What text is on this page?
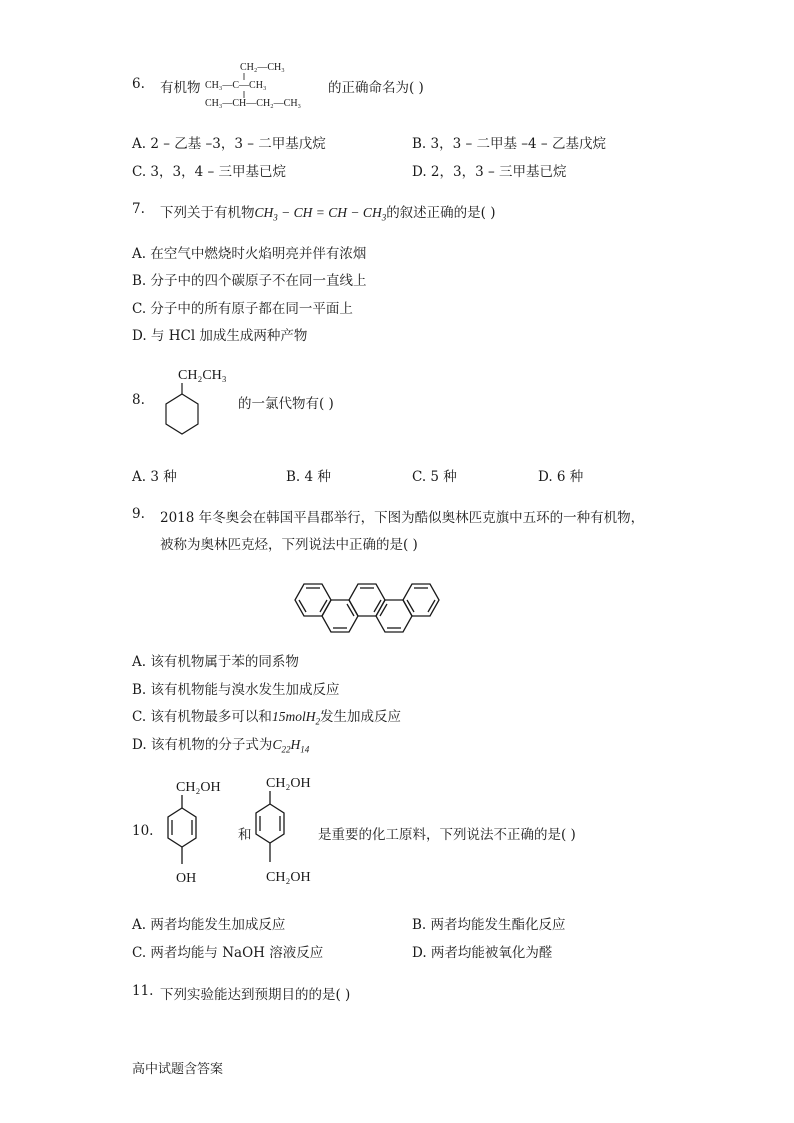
6. 有机物
CH₂—CH₃
CH₃—C—CH₃
CH₃—CH—CH₂—CH₃
的正确命名为( )
A. 2 – 乙基 –3，3 – 二甲基戊烷	B. 3，3 – 二甲基 –4 – 乙基戊烷
C. 3，3，4 – 三甲基已烷	D. 2，3，3 – 三甲基已烷
7. 下列关于有机物$CH_3$ − CH = CH − $CH_3$的叙述正确的是( )
A. 在空气中燃烧时火焰明亮并伴有浓烟
B. 分子中的四个碳原子不在同一直线上
C. 分子中的所有原子都在同一平面上
D. 与 HCl 加成生成两种产物
8.
CH₂CH₃
的一氯代物有( )
A. 3 种	B. 4 种	C. 5 种	D. 6 种
9. 2018 年冬奥会在韩国平昌郡举行，下图为酷似奥林匹克旗中五环的一种有机物，
被称为奥林匹克烃，下列说法中正确的是( )
A. 该有机物属于苯的同系物
B. 该有机物能与溴水发生加成反应
C. 该有机物最多可以和15molH$_2$发生加成反应
D. 该有机物的分子式为$C_{22}H_{14}$
10.
CH₂OH
OH
和
CH₂OH
CH₂OH
是重要的化工原料，下列说法不正确的是( )
A. 两者均能发生加成反应	B. 两者均能发生酯化反应
C. 两者均能与 NaOH 溶液反应	D. 两者均能被氧化为醛
11. 下列实验能达到预期目的的是( )
高中试题含答案
